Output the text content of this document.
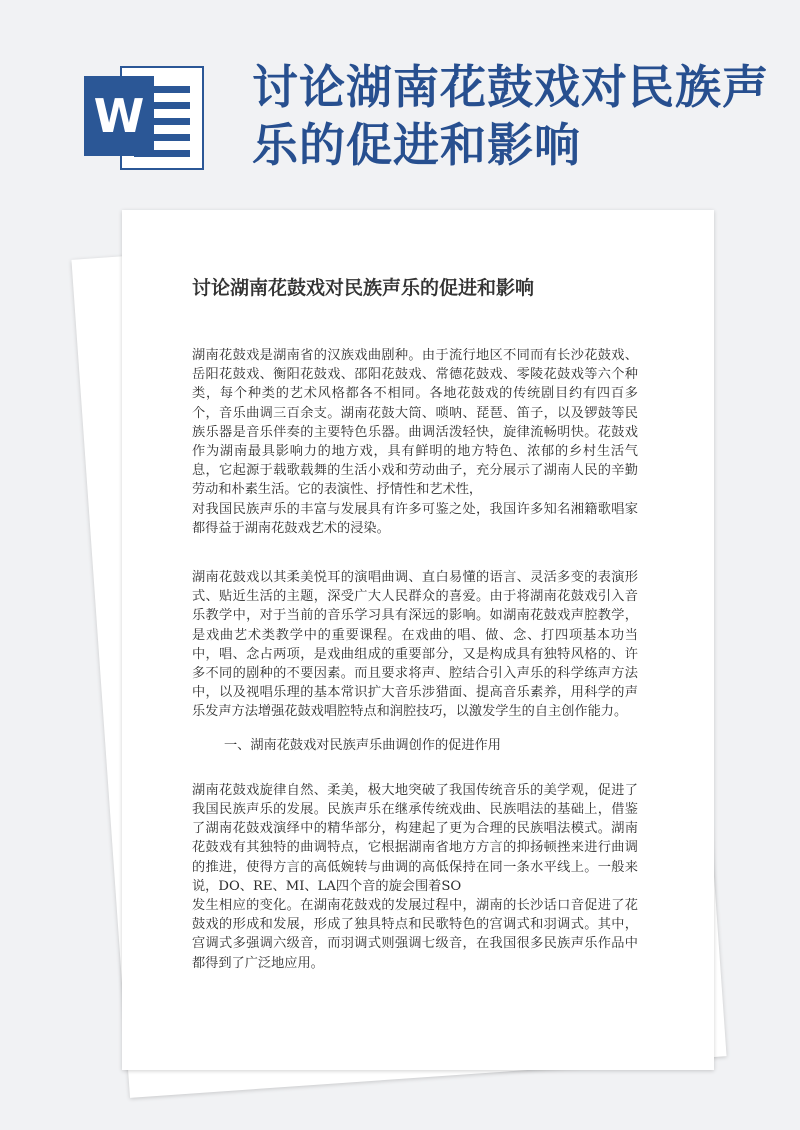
W
讨论湖南花鼓戏对民族声乐的促进和影响
讨论湖南花鼓戏对民族声乐的促进和影响

湖南花鼓戏是湖南省的汉族戏曲剧种。由于流行地区不同而有长沙花鼓戏、岳阳花鼓戏、衡阳花鼓戏、邵阳花鼓戏、常德花鼓戏、零陵花鼓戏等六个种类，每个种类的艺术风格都各不相同。各地花鼓戏的传统剧目约有四百多个，音乐曲调三百余支。湖南花鼓大筒、唢呐、琵琶、笛子，以及锣鼓等民族乐器是音乐伴奏的主要特色乐器。曲调活泼轻快，旋律流畅明快。花鼓戏作为湖南最具影响力的地方戏，具有鲜明的地方特色、浓郁的乡村生活气息，它起源于载歌载舞的生活小戏和劳动曲子，充分展示了湖南人民的辛勤劳动和朴素生活。它的表演性、抒情性和艺术性，

对我国民族声乐的丰富与发展具有许多可鉴之处，我国许多知名湘籍歌唱家都得益于湖南花鼓戏艺术的浸染。

湖南花鼓戏以其柔美悦耳的演唱曲调、直白易懂的语言、灵活多变的表演形式、贴近生活的主题，深受广大人民群众的喜爱。由于将湖南花鼓戏引入音乐教学中，对于当前的音乐学习具有深远的影响。如湖南花鼓戏声腔教学，是戏曲艺术类教学中的重要课程。在戏曲的唱、做、念、打四项基本功当中，唱、念占两项，是戏曲组成的重要部分，又是构成具有独特风格的、许多不同的剧种的不要因素。而且要求将声、腔结合引入声乐的科学练声方法中，以及视唱乐理的基本常识扩大音乐涉猎面、提高音乐素养，用科学的声乐发声方法增强花鼓戏唱腔特点和润腔技巧，以激发学生的自主创作能力。

一、湖南花鼓戏对民族声乐曲调创作的促进作用

湖南花鼓戏旋律自然、柔美，极大地突破了我国传统音乐的美学观，促进了我国民族声乐的发展。民族声乐在继承传统戏曲、民族唱法的基础上，借鉴了湖南花鼓戏演绎中的精华部分，构建起了更为合理的民族唱法模式。湖南花鼓戏有其独特的曲调特点，它根据湖南省地方方言的抑扬顿挫来进行曲调的推进，使得方言的高低婉转与曲调的高低保持在同一条水平线上。一般来说，DO、RE、MI、LA四个音的旋会围着SO

发生相应的变化。在湖南花鼓戏的发展过程中，湖南的长沙话口音促进了花鼓戏的形成和发展，形成了独具特点和民歌特色的宫调式和羽调式。其中，宫调式多强调六级音，而羽调式则强调七级音，在我国很多民族声乐作品中都得到了广泛地应用。
